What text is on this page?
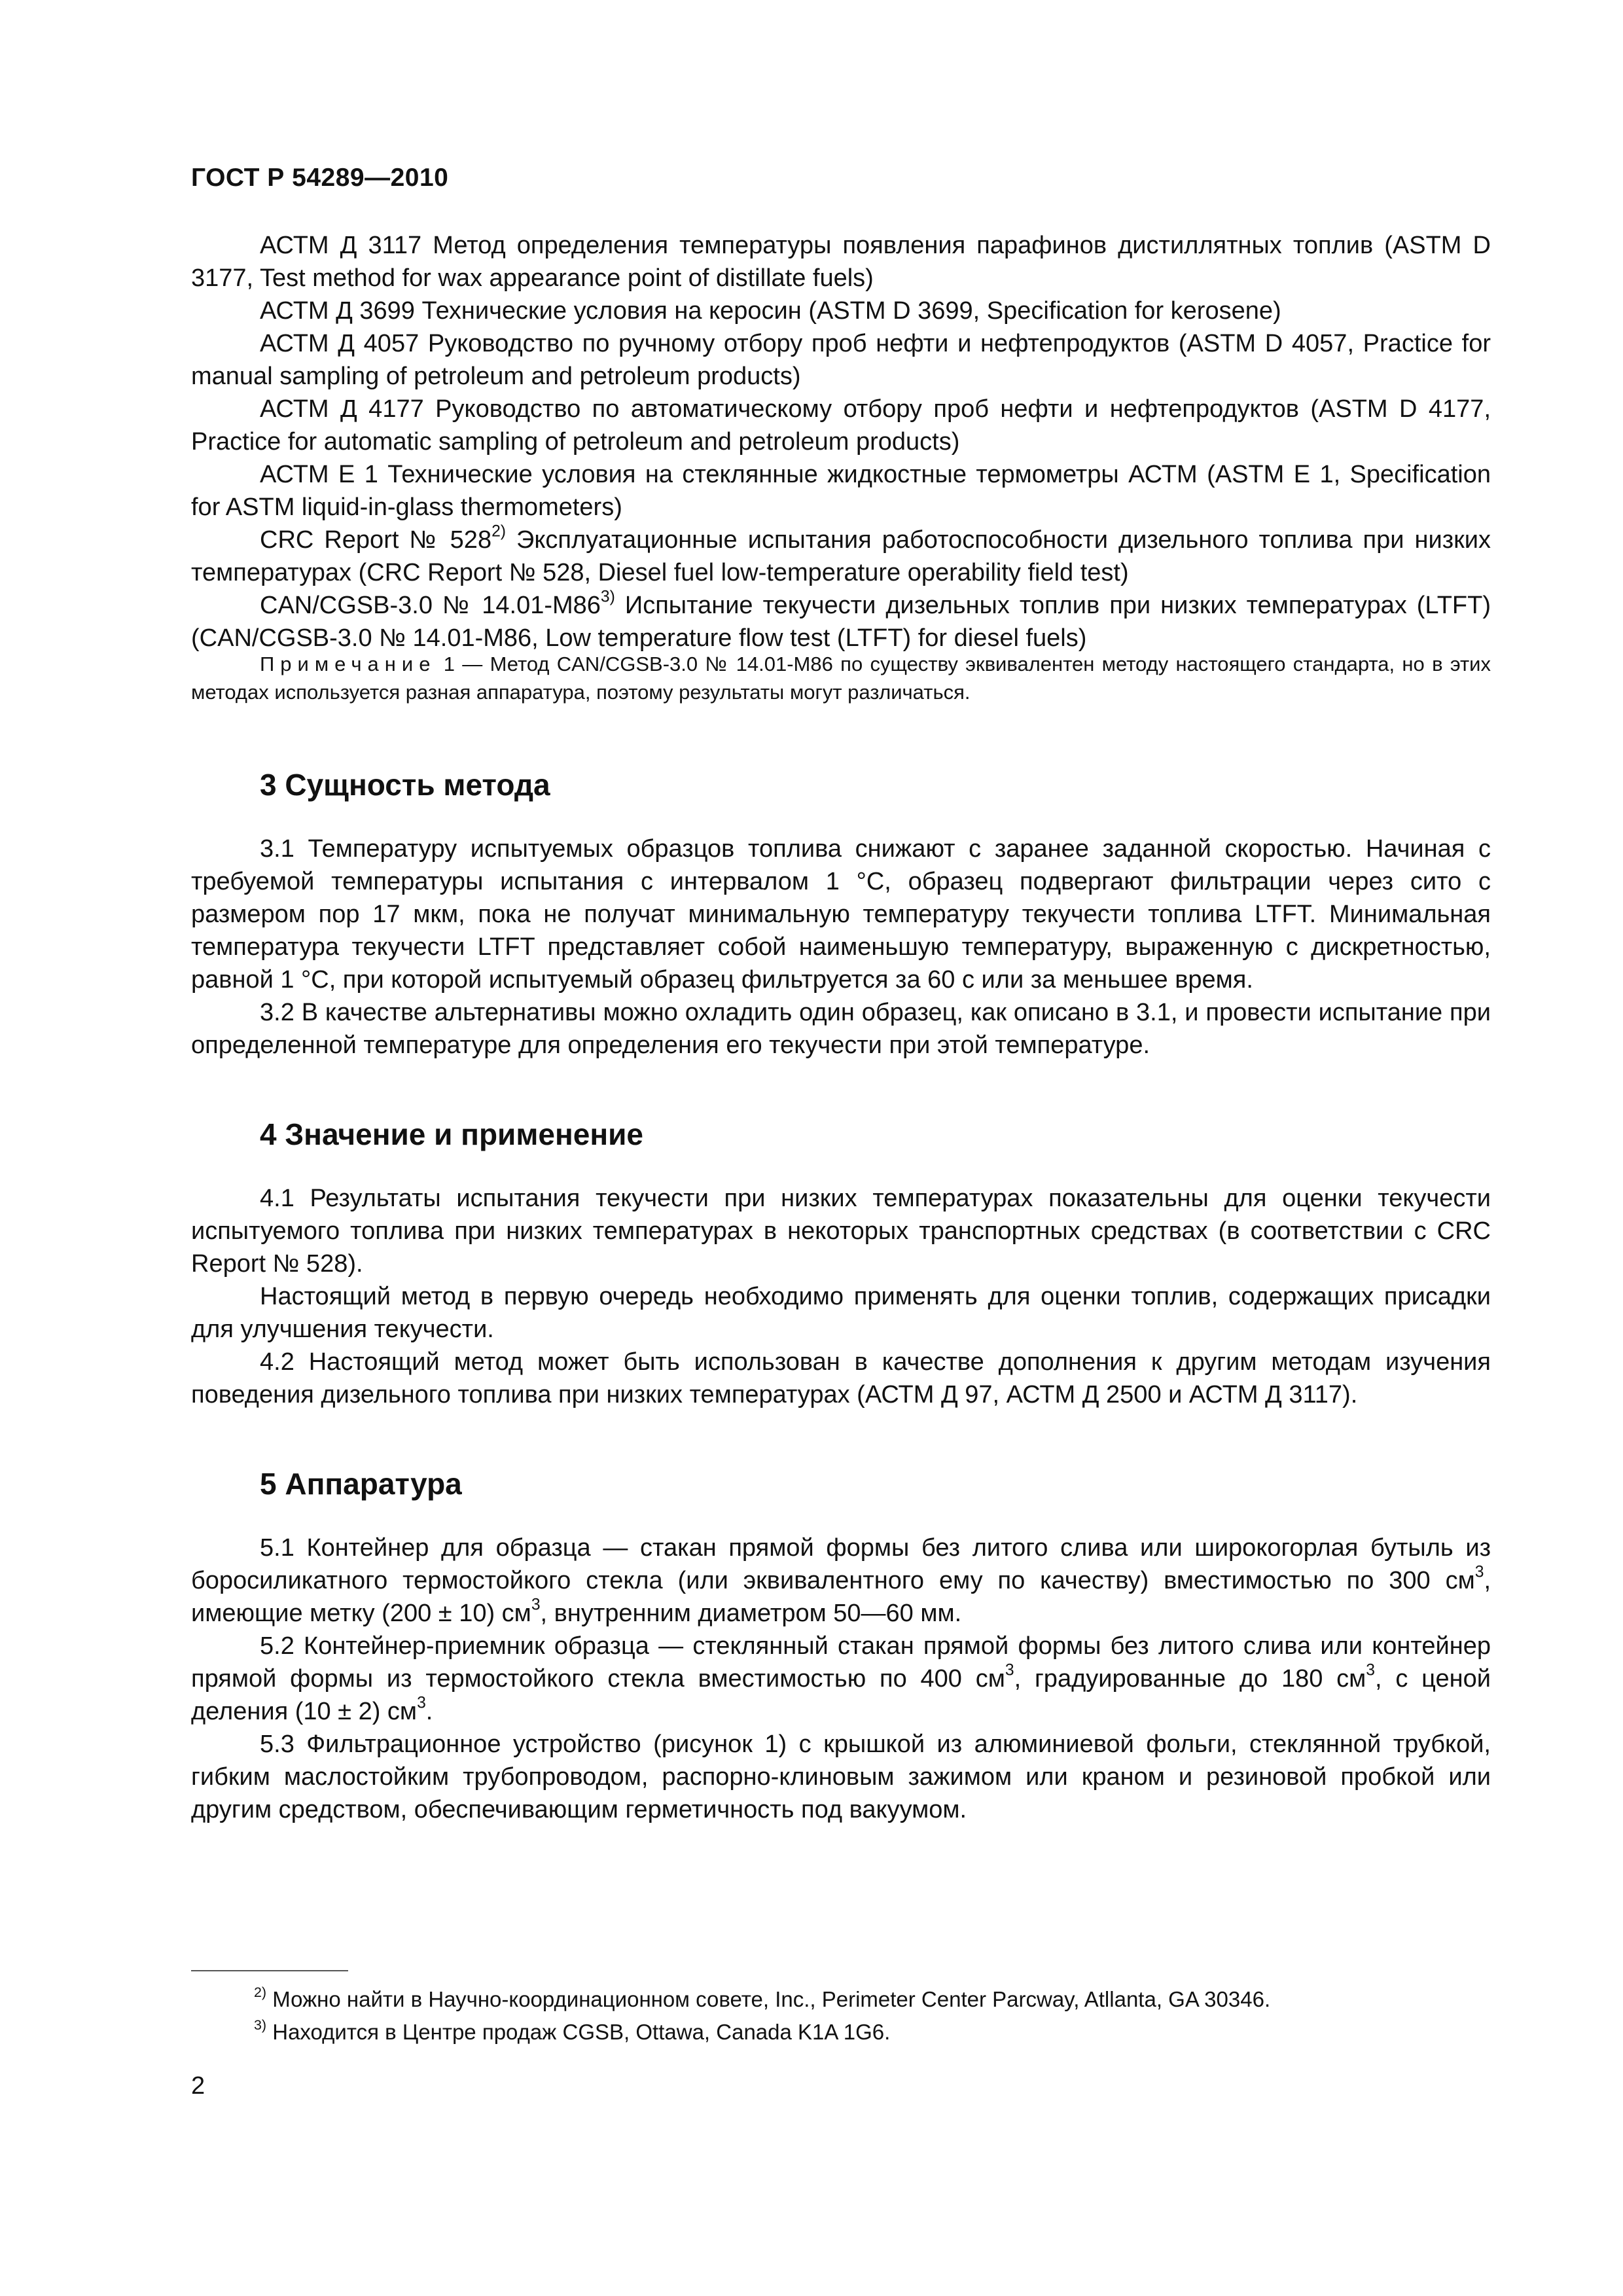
ГОСТ Р 54289—2010

АСТМ Д 3117 Метод определения температуры появления парафинов дистиллятных топлив (ASTM D 3177, Test method for wax appearance point of distillate fuels)

АСТМ Д 3699 Технические условия на керосин (ASTM D 3699, Specification for kerosene)

АСТМ Д 4057 Руководство по ручному отбору проб нефти и нефтепродуктов (ASTM D 4057, Practice for manual sampling of petroleum and petroleum products)

АСТМ Д 4177 Руководство по автоматическому отбору проб нефти и нефтепродуктов (ASTM D 4177, Practice for automatic sampling of petroleum and petroleum products)

АСТМ Е 1 Технические условия на стеклянные жидкостные термометры АСТМ (ASTM E 1, Specification for ASTM liquid-in-glass thermometers)

CRC Report № 528$^{2)}$ Эксплуатационные испытания работоспособности дизельного топлива при низких температурах (CRC Report № 528, Diesel fuel low-temperature operability field test)

CAN/CGSB-3.0 № 14.01-M86$^{3)}$ Испытание текучести дизельных топлив при низких температурах (LTFT) (CAN/CGSB-3.0 № 14.01-M86, Low temperature flow test (LTFT) for diesel fuels)

Примечание 1 — Метод CAN/CGSB-3.0 № 14.01-M86 по существу эквивалентен методу настоящего стандарта, но в этих методах используется разная аппаратура, поэтому результаты могут различаться.
3 Сущность метода

3.1 Температуру испытуемых образцов топлива снижают с заранее заданной скоростью. Начиная с требуемой температуры испытания с интервалом 1 °С, образец подвергают фильтрации через сито с размером пор 17 мкм, пока не получат минимальную температуру текучести топлива LTFT. Минимальная температура текучести LTFT представляет собой наименьшую температуру, выраженную с дискретностью, равной 1 °С, при которой испытуемый образец фильтруется за 60 с или за меньшее время.

3.2 В качестве альтернативы можно охладить один образец, как описано в 3.1, и провести испытание при определенной температуре для определения его текучести при этой температуре.

4 Значение и применение

4.1 Результаты испытания текучести при низких температурах показательны для оценки текучести испытуемого топлива при низких температурах в некоторых транспортных средствах (в соответствии с CRC Report № 528).

Настоящий метод в первую очередь необходимо применять для оценки топлив, содержащих присадки для улучшения текучести.

4.2 Настоящий метод может быть использован в качестве дополнения к другим методам изучения поведения дизельного топлива при низких температурах (АСТМ Д 97, АСТМ Д 2500 и АСТМ Д 3117).

5 Аппаратура

5.1 Контейнер для образца — стакан прямой формы без литого слива или широкогорлая бутыль из боросиликатного термостойкого стекла (или эквивалентного ему по качеству) вместимостью по 300 $см^3$, имеющие метку (200 ± 10) $см^3$, внутренним диаметром 50—60 мм.

5.2 Контейнер-приемник образца — стеклянный стакан прямой формы без литого слива или контейнер прямой формы из термостойкого стекла вместимостью по 400 $см^3$, градуированные до 180 $см^3$, с ценой деления (10 ± 2) $см^3$.

5.3 Фильтрационное устройство (рисунок 1) с крышкой из алюминиевой фольги, стеклянной трубкой, гибким маслостойким трубопроводом, распорно-клиновым зажимом или краном и резиновой пробкой или другим средством, обеспечивающим герметичность под вакуумом.

$^{2)}$ Можно найти в Научно-координационном совете, Inc., Perimeter Center Parcway, Atllanta, GA 30346.

$^{3)}$ Находится в Центре продаж CGSB, Ottawa, Canada K1A 1G6.

2
